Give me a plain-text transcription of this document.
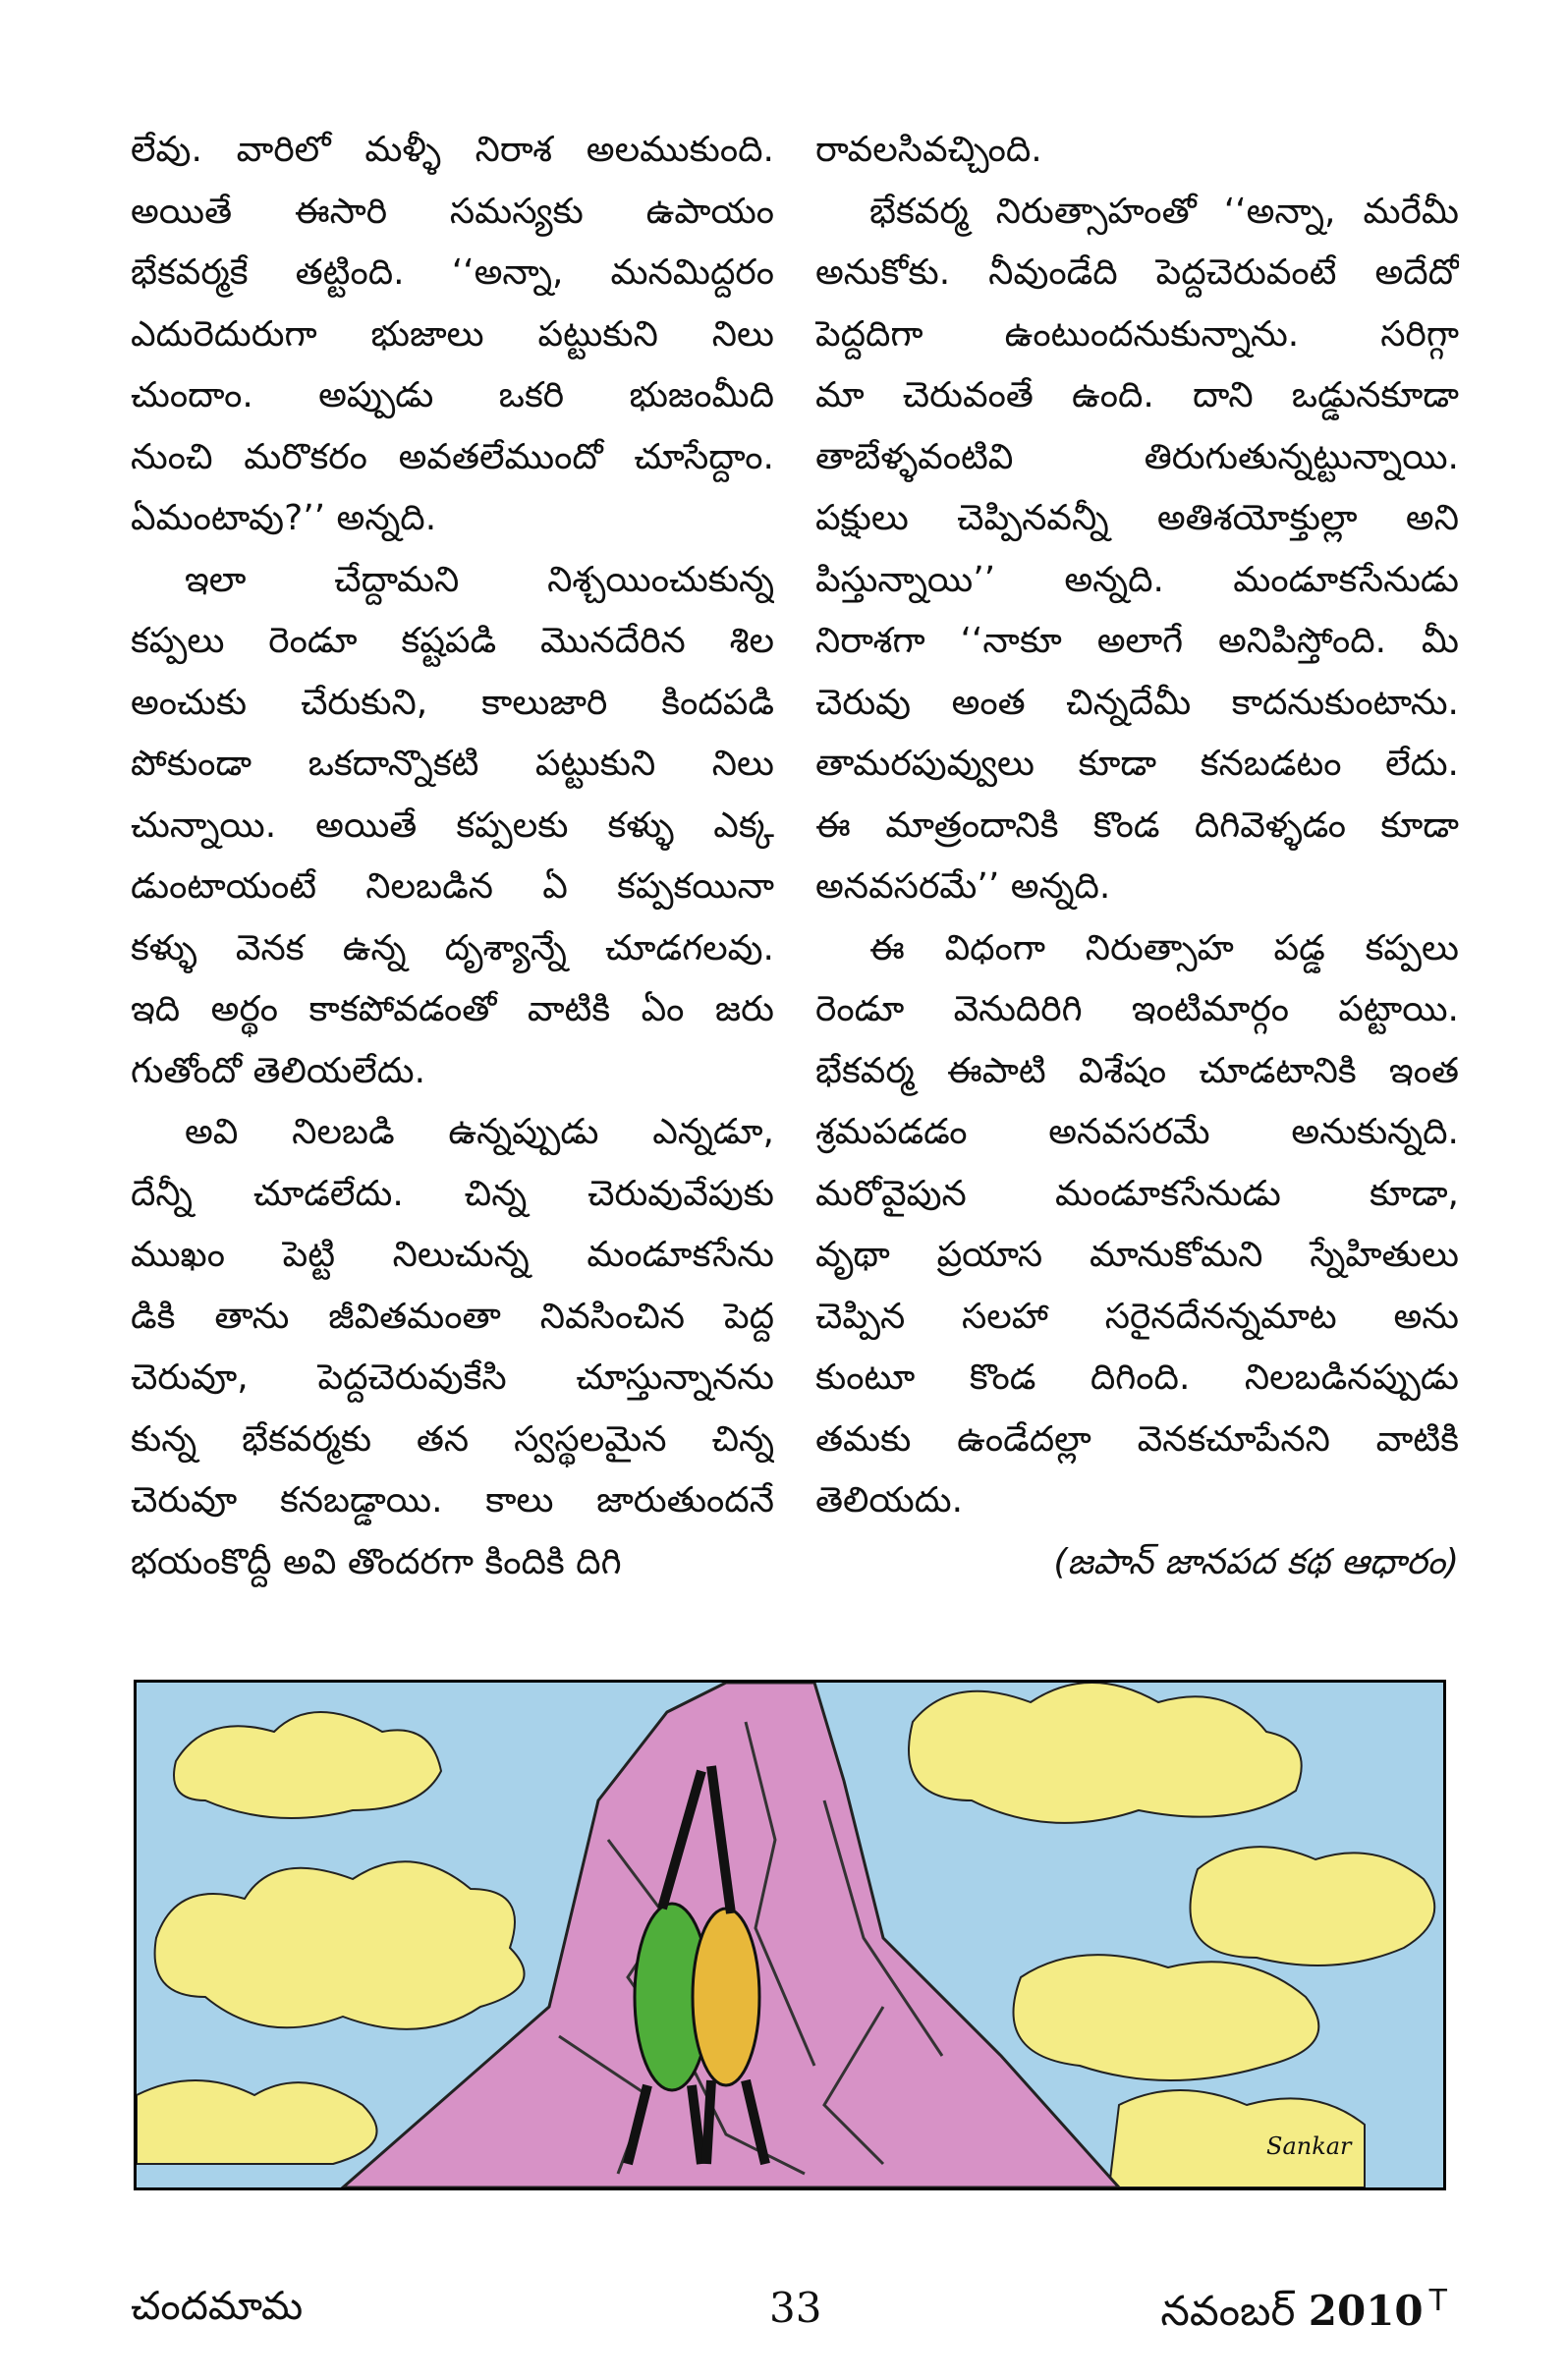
లేవు. వారిలో మళ్ళీ నిరాశ అలముకుంది.
అయితే ఈసారి సమస్యకు ఉపాయం
భేకవర్మకే తట్టింది. ‘‘అన్నా, మనమిద్దరం
ఎదురెదురుగా భుజాలు పట్టుకుని నిలు
చుందాం. అప్పుడు ఒకరి భుజంమీది
నుంచి మరొకరం అవతలేముందో చూసేద్దాం.
ఏమంటావు?’’ అన్నది.
ఇలా చేద్దామని నిశ్చయించుకున్న
కప్పలు రెండూ కష్టపడి మొనదేరిన శిల
అంచుకు చేరుకుని, కాలుజారి కిందపడి
పోకుండా ఒకదాన్నొకటి పట్టుకుని నిలు
చున్నాయి. అయితే కప్పలకు కళ్ళు ఎక్క
డుంటాయంటే నిలబడిన ఏ కప్పకయినా
కళ్ళు వెనక ఉన్న దృశ్యాన్నే చూడగలవు.
ఇది అర్థం కాకపోవడంతో వాటికి ఏం జరు
గుతోందో తెలియలేదు.
అవి నిలబడి ఉన్నప్పుడు ఎన్నడూ,
దేన్నీ చూడలేదు. చిన్న చెరువువేపుకు
ముఖం పెట్టి నిలుచున్న మండూకసేను
డికి తాను జీవితమంతా నివసించిన పెద్ద
చెరువూ, పెద్దచెరువుకేసి చూస్తున్నానను
కున్న భేకవర్మకు తన స్వస్థలమైన చిన్న
చెరువూ కనబడ్డాయి. కాలు జారుతుందనే
భయంకొద్దీ అవి తొందరగా కిందికి దిగి
రావలసివచ్చింది.
భేకవర్మ నిరుత్సాహంతో ‘‘అన్నా, మరేమీ
అనుకోకు. నీవుండేది పెద్దచెరువంటే అదేదో
పెద్దదిగా ఉంటుందనుకున్నాను. సరిగ్గా
మా చెరువంతే ఉంది. దాని ఒడ్డునకూడా
తాబేళ్ళవంటివి తిరుగుతున్నట్టున్నాయి.
పక్షులు చెప్పినవన్నీ అతిశయోక్తుల్లా అని
పిస్తున్నాయి’’ అన్నది. మండూకసేనుడు
నిరాశగా ‘‘నాకూ అలాగే అనిపిస్తోంది. మీ
చెరువు అంత చిన్నదేమీ కాదనుకుంటాను.
తామరపువ్వులు కూడా కనబడటం లేదు.
ఈ మాత్రందానికి కొండ దిగివెళ్ళడం కూడా
అనవసరమే’’ అన్నది.
ఈ విధంగా నిరుత్సాహ పడ్డ కప్పలు
రెండూ వెనుదిరిగి ఇంటిమార్గం పట్టాయి.
భేకవర్మ ఈపాటి విశేషం చూడటానికి ఇంత
శ్రమపడడం అనవసరమే అనుకున్నది.
మరోవైపున మండూకసేనుడు కూడా,
వృథా ప్రయాస మానుకోమని స్నేహితులు
చెప్పిన సలహా సరైనదేనన్నమాట అను
కుంటూ కొండ దిగింది. నిలబడినప్పుడు
తమకు ఉండేదల్లా వెనకచూపేనని వాటికి
తెలియదు.
(జపాన్ జానపద కథ ఆధారం)
Sankar
చందమామ	33	నవంబర్ 2010 $^T$
